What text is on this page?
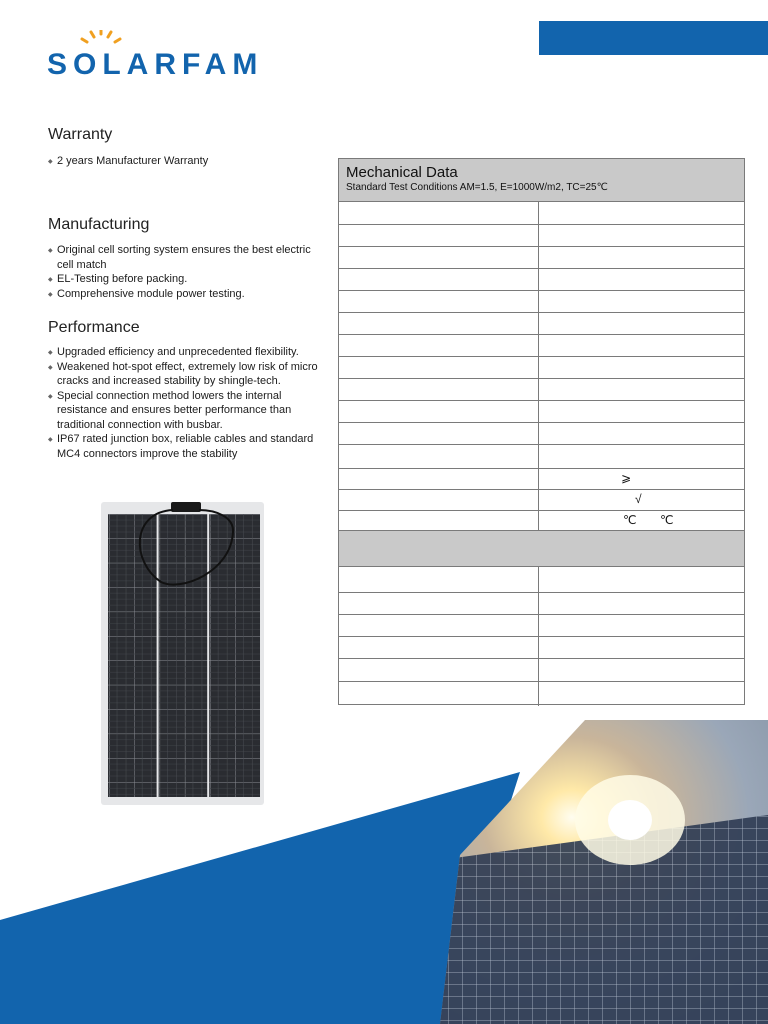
SOLARFAM
Warranty
◆ 2 years Manufacturer Warranty
Manufacturing
◆ Original cell sorting system ensures the best electric cell match
◆ EL-Testing before packing.
◆ Comprehensive module power testing.
Performance
◆ Upgraded efficiency and unprecedented flexibility.
◆ Weakened hot-spot effect, extremely low risk of micro cracks and increased stability by shingle-tech.
◆ Special connection method lowers the internal resistance and ensures better performance than traditional connection with busbar.
◆ IP67 rated junction box, reliable cables and standard MC4 connectors improve the stability
Mechanical Data
Standard Test Conditions AM=1.5, E=1000W/m2, TC=25℃
⩾
√
℃ ℃
